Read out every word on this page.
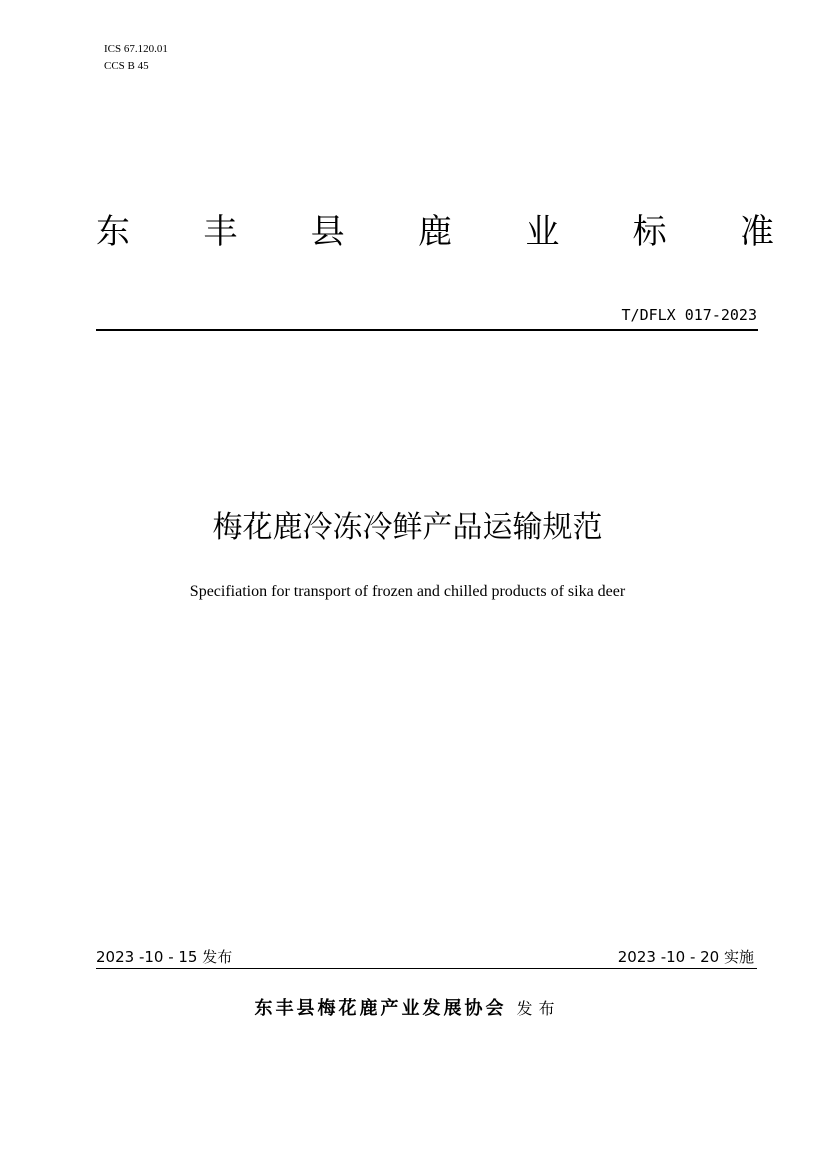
ICS 67.120.01
CCS B 45
东 丰 县 鹿 业 标 准
T/DFLX 017-2023
梅花鹿冷冻冷鲜产品运输规范
Specifiation for transport of frozen and chilled products of sika deer
2023 -10 - 15 发布	2023 -10 - 20 实施
东丰县梅花鹿产业发展协会 发布
